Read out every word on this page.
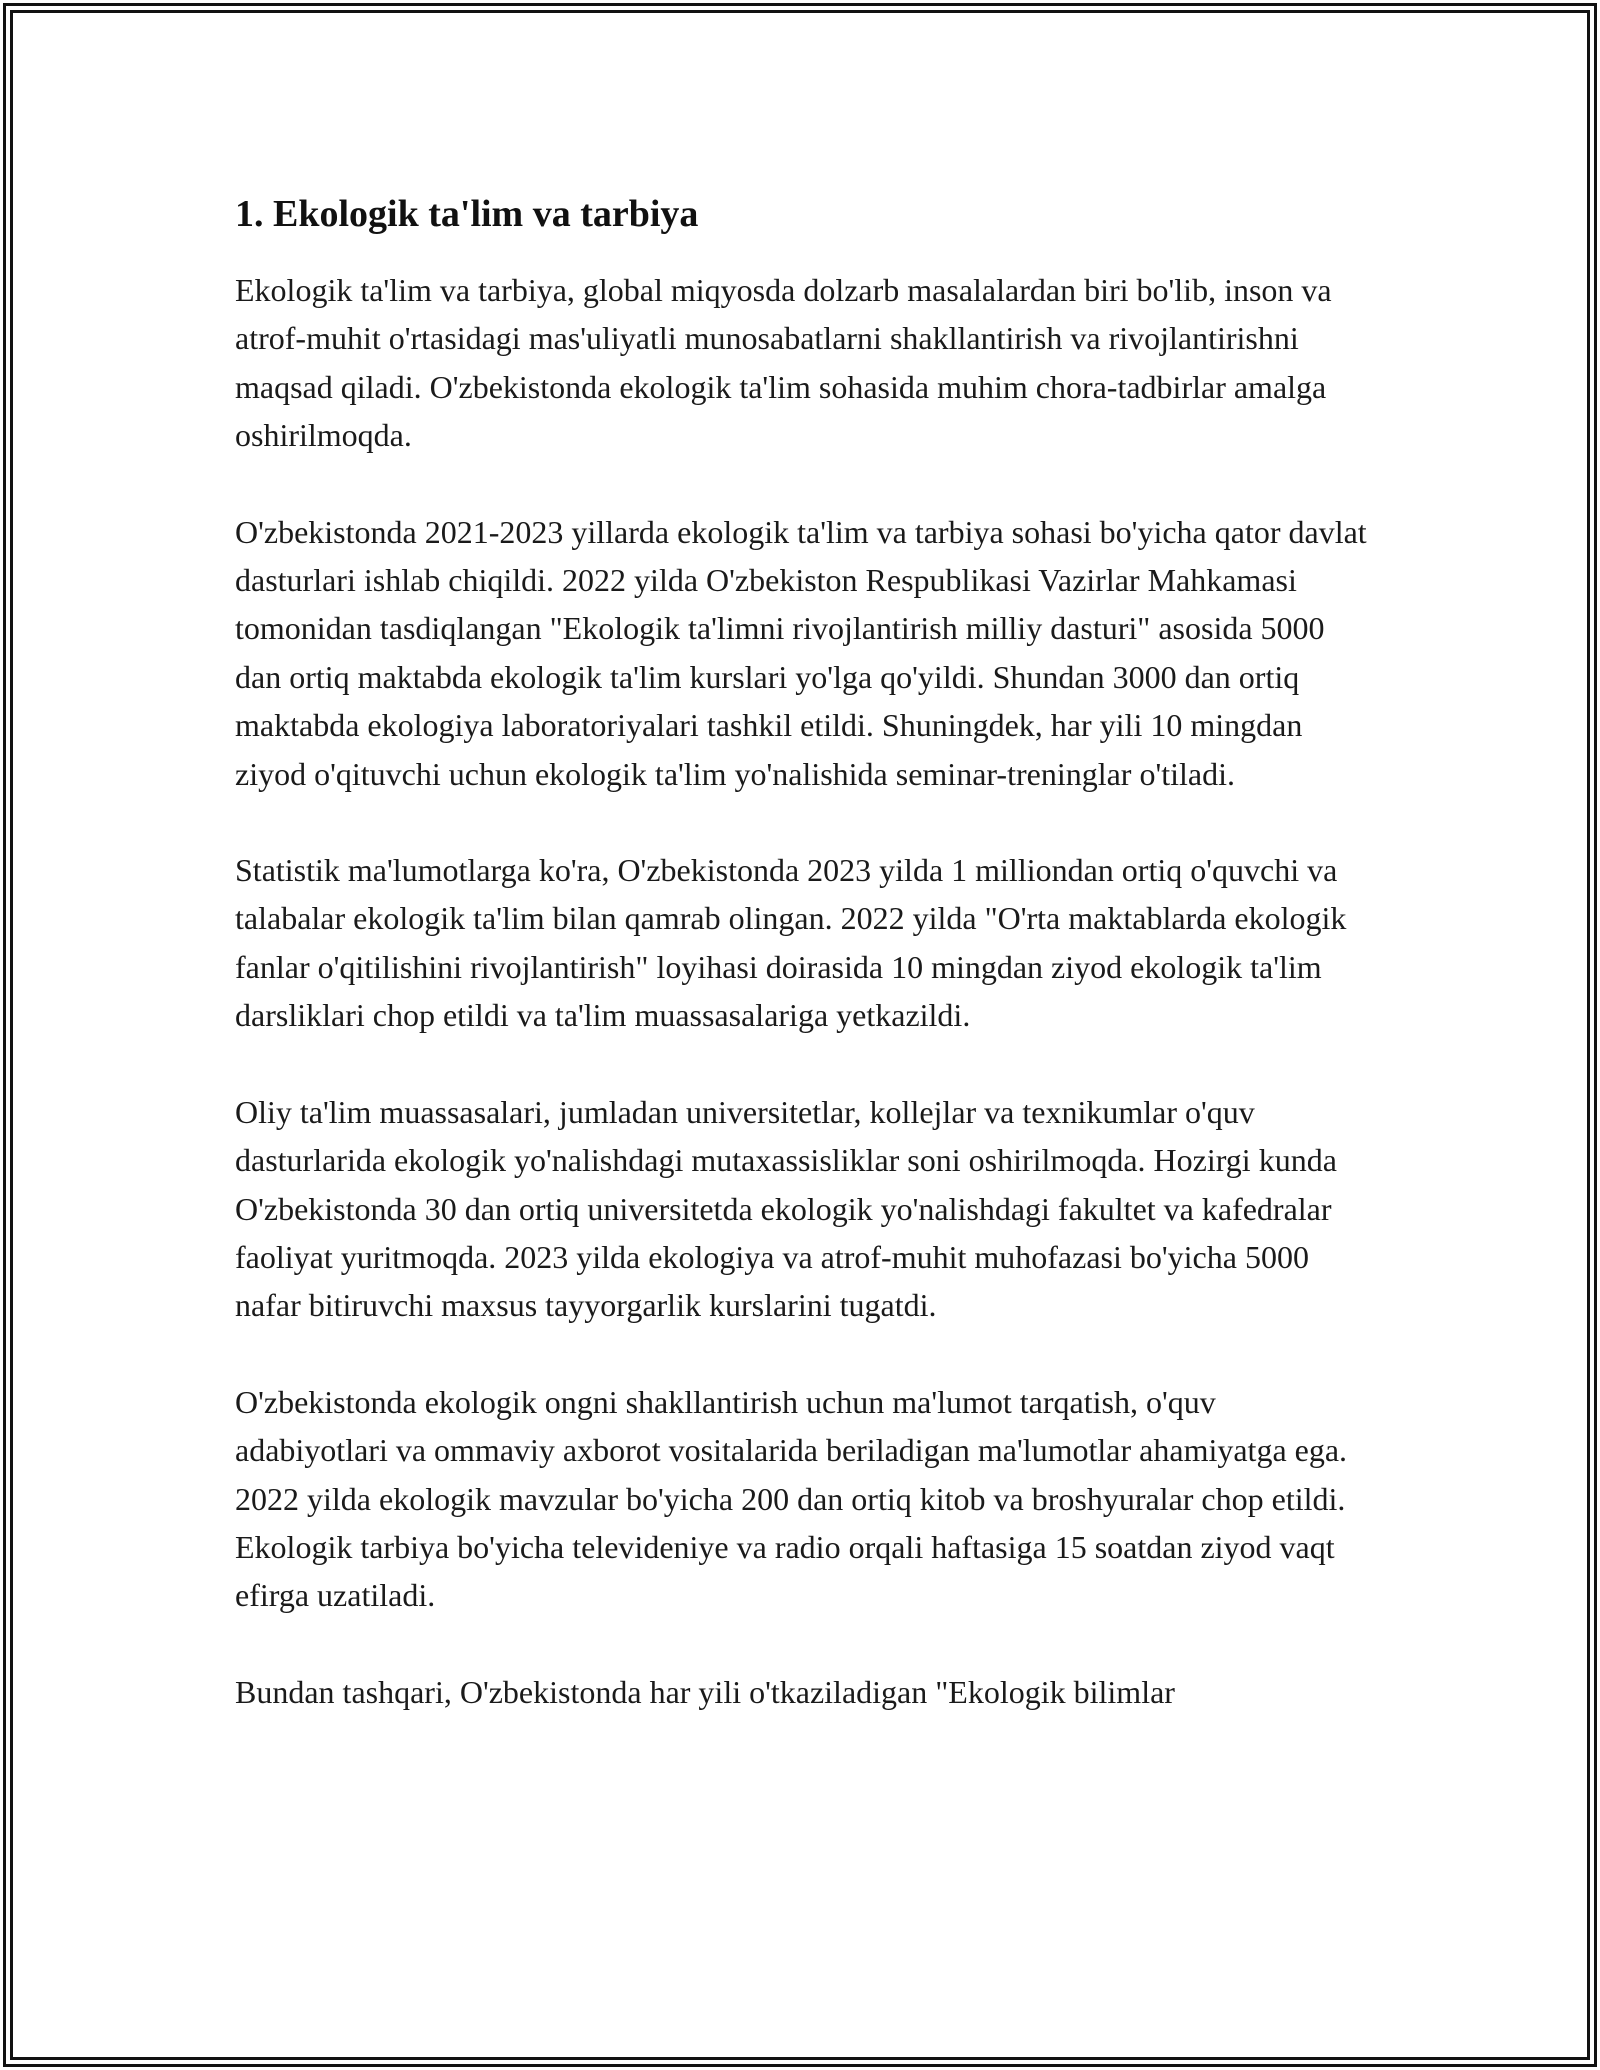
1. Ekologik ta'lim va tarbiya

Ekologik ta'lim va tarbiya, global miqyosda dolzarb masalalardan biri bo'lib, inson va atrof-muhit o'rtasidagi mas'uliyatli munosabatlarni shakllantirish va rivojlantirishni maqsad qiladi. O'zbekistonda ekologik ta'lim sohasida muhim chora-tadbirlar amalga oshirilmoqda.

O'zbekistonda 2021-2023 yillarda ekologik ta'lim va tarbiya sohasi bo'yicha qator davlat dasturlari ishlab chiqildi. 2022 yilda O'zbekiston Respublikasi Vazirlar Mahkamasi tomonidan tasdiqlangan "Ekologik ta'limni rivojlantirish milliy dasturi" asosida 5000 dan ortiq maktabda ekologik ta'lim kurslari yo'lga qo'yildi. Shundan 3000 dan ortiq maktabda ekologiya laboratoriyalari tashkil etildi. Shuningdek, har yili 10 mingdan ziyod o'qituvchi uchun ekologik ta'lim yo'nalishida seminar-treninglar o'tiladi.

Statistik ma'lumotlarga ko'ra, O'zbekistonda 2023 yilda 1 milliondan ortiq o'quvchi va talabalar ekologik ta'lim bilan qamrab olingan. 2022 yilda "O'rta maktablarda ekologik fanlar o'qitilishini rivojlantirish" loyihasi doirasida 10 mingdan ziyod ekologik ta'lim darsliklari chop etildi va ta'lim muassasalariga yetkazildi.

Oliy ta'lim muassasalari, jumladan universitetlar, kollejlar va texnikumlar o'quv dasturlarida ekologik yo'nalishdagi mutaxassisliklar soni oshirilmoqda. Hozirgi kunda O'zbekistonda 30 dan ortiq universitetda ekologik yo'nalishdagi fakultet va kafedralar faoliyat yuritmoqda. 2023 yilda ekologiya va atrof-muhit muhofazasi bo'yicha 5000 nafar bitiruvchi maxsus tayyorgarlik kurslarini tugatdi.

O'zbekistonda ekologik ongni shakllantirish uchun ma'lumot tarqatish, o'quv adabiyotlari va ommaviy axborot vositalarida beriladigan ma'lumotlar ahamiyatga ega. 2022 yilda ekologik mavzular bo'yicha 200 dan ortiq kitob va broshyuralar chop etildi. Ekologik tarbiya bo'yicha televideniye va radio orqali haftasiga 15 soatdan ziyod vaqt efirga uzatiladi.

Bundan tashqari, O'zbekistonda har yili o'tkaziladigan "Ekologik bilimlar
